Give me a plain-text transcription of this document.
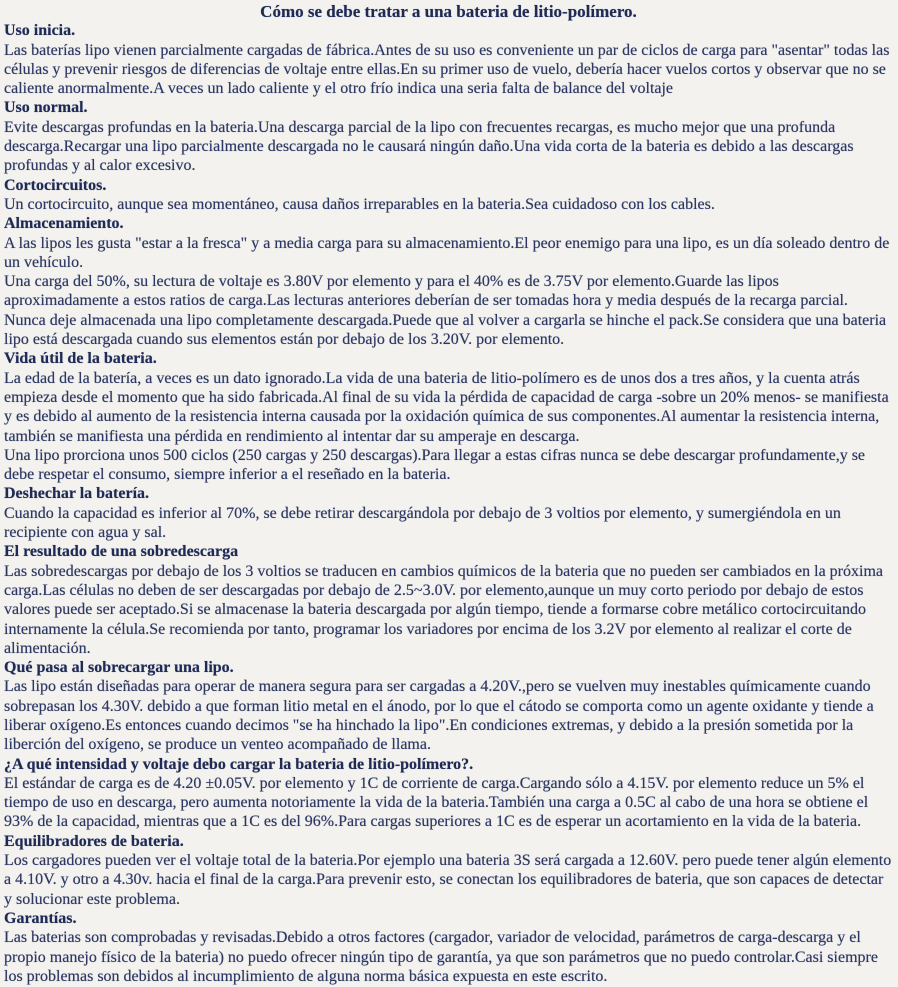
Cómo se debe tratar a una bateria de litio-polímero.
Uso inicia.

Las baterías lipo vienen parcialmente cargadas de fábrica.Antes de su uso es conveniente un par de ciclos de carga para "asentar" todas las células y prevenir riesgos de diferencias de voltaje entre ellas.En su primer uso de vuelo, debería hacer vuelos cortos y observar que no se caliente anormalmente.A veces un lado caliente y el otro frío indica una seria falta de balance del voltaje

Uso normal.

Evite descargas profundas en la bateria.Una descarga parcial de la lipo con frecuentes recargas, es mucho mejor que una profunda descarga.Recargar una lipo parcialmente descargada no le causará ningún daño.Una vida corta de la bateria es debido a las descargas profundas y al calor excesivo.

Cortocircuitos.

Un cortocircuito, aunque sea momentáneo, causa daños irreparables en la bateria.Sea cuidadoso con los cables.

Almacenamiento.

A las lipos les gusta "estar a la fresca" y a media carga para su almacenamiento.El peor enemigo para una lipo, es un día soleado dentro de un vehículo.

Una carga del 50%, su lectura de voltaje es 3.80V por elemento y para el 40% es de 3.75V por elemento.Guarde las lipos aproximadamente a estos ratios de carga.Las lecturas anteriores deberían de ser tomadas hora y media después de la recarga parcial. Nunca deje almacenada una lipo completamente descargada.Puede que al volver a cargarla se hinche el pack.Se considera que una bateria lipo está descargada cuando sus elementos están por debajo de los 3.20V. por elemento.

Vida útil de la bateria.

La edad de la batería, a veces es un dato ignorado.La vida de una bateria de litio-polímero es de unos dos a tres años, y la cuenta atrás empieza desde el momento que ha sido fabricada.Al final de su vida la pérdida de capacidad de carga -sobre un 20% menos- se manifiesta y es debido al aumento de la resistencia interna causada por la oxidación química de sus componentes.Al aumentar la resistencia interna, también se manifiesta una pérdida en rendimiento al intentar dar su amperaje en descarga.

Una lipo prorciona unos 500 ciclos (250 cargas y 250 descargas).Para llegar a estas cifras nunca se debe descargar profundamente,y se debe respetar el consumo, siempre inferior a el reseñado en la bateria.

Deshechar la batería.

Cuando la capacidad es inferior al 70%, se debe retirar descargándola por debajo de 3 voltios por elemento, y sumergiéndola en un recipiente con agua y sal.

El resultado de una sobredescarga

Las sobredescargas por debajo de los 3 voltios se traducen en cambios químicos de la bateria que no pueden ser cambiados en la próxima carga.Las células no deben de ser descargadas por debajo de 2.5~3.0V. por elemento,aunque un muy corto periodo por debajo de estos valores puede ser aceptado.Si se almacenase la bateria descargada por algún tiempo, tiende a formarse cobre metálico cortocircuitando internamente la célula.Se recomienda por tanto, programar los variadores por encima de los 3.2V por elemento al realizar el corte de alimentación.

Qué pasa al sobrecargar una lipo.

Las lipo están diseñadas para operar de manera segura para ser cargadas a 4.20V.,pero se vuelven muy inestables químicamente cuando sobrepasan los 4.30V. debido a que forman litio metal en el ánodo, por lo que el cátodo se comporta como un agente oxidante y tiende a liberar oxígeno.Es entonces cuando decimos "se ha hinchado la lipo".En condiciones extremas, y debido a la presión sometida por la liberción del oxígeno, se produce un venteo acompañado de llama.

¿A qué intensidad y voltaje debo cargar la bateria de litio-polímero?.

El estándar de carga es de 4.20 ±0.05V. por elemento y 1C de corriente de carga.Cargando sólo a 4.15V. por elemento reduce un 5% el tiempo de uso en descarga, pero aumenta notoriamente la vida de la bateria.También una carga a 0.5C al cabo de una hora se obtiene el 93% de la capacidad, mientras que a 1C es del 96%.Para cargas superiores a 1C es de esperar un acortamiento en la vida de la bateria.

Equilibradores de bateria.

Los cargadores pueden ver el voltaje total de la bateria.Por ejemplo una bateria 3S será cargada a 12.60V. pero puede tener algún elemento a 4.10V. y otro a 4.30v. hacia el final de la carga.Para prevenir esto, se conectan los equilibradores de bateria, que son capaces de detectar y solucionar este problema.

Garantías.

Las baterias son comprobadas y revisadas.Debido a otros factores (cargador, variador de velocidad, parámetros de carga-descarga y el propio manejo físico de la bateria) no puedo ofrecer ningún tipo de garantía, ya que son parámetros que no puedo controlar.Casi siempre los problemas son debidos al incumplimiento de alguna norma básica expuesta en este escrito.
